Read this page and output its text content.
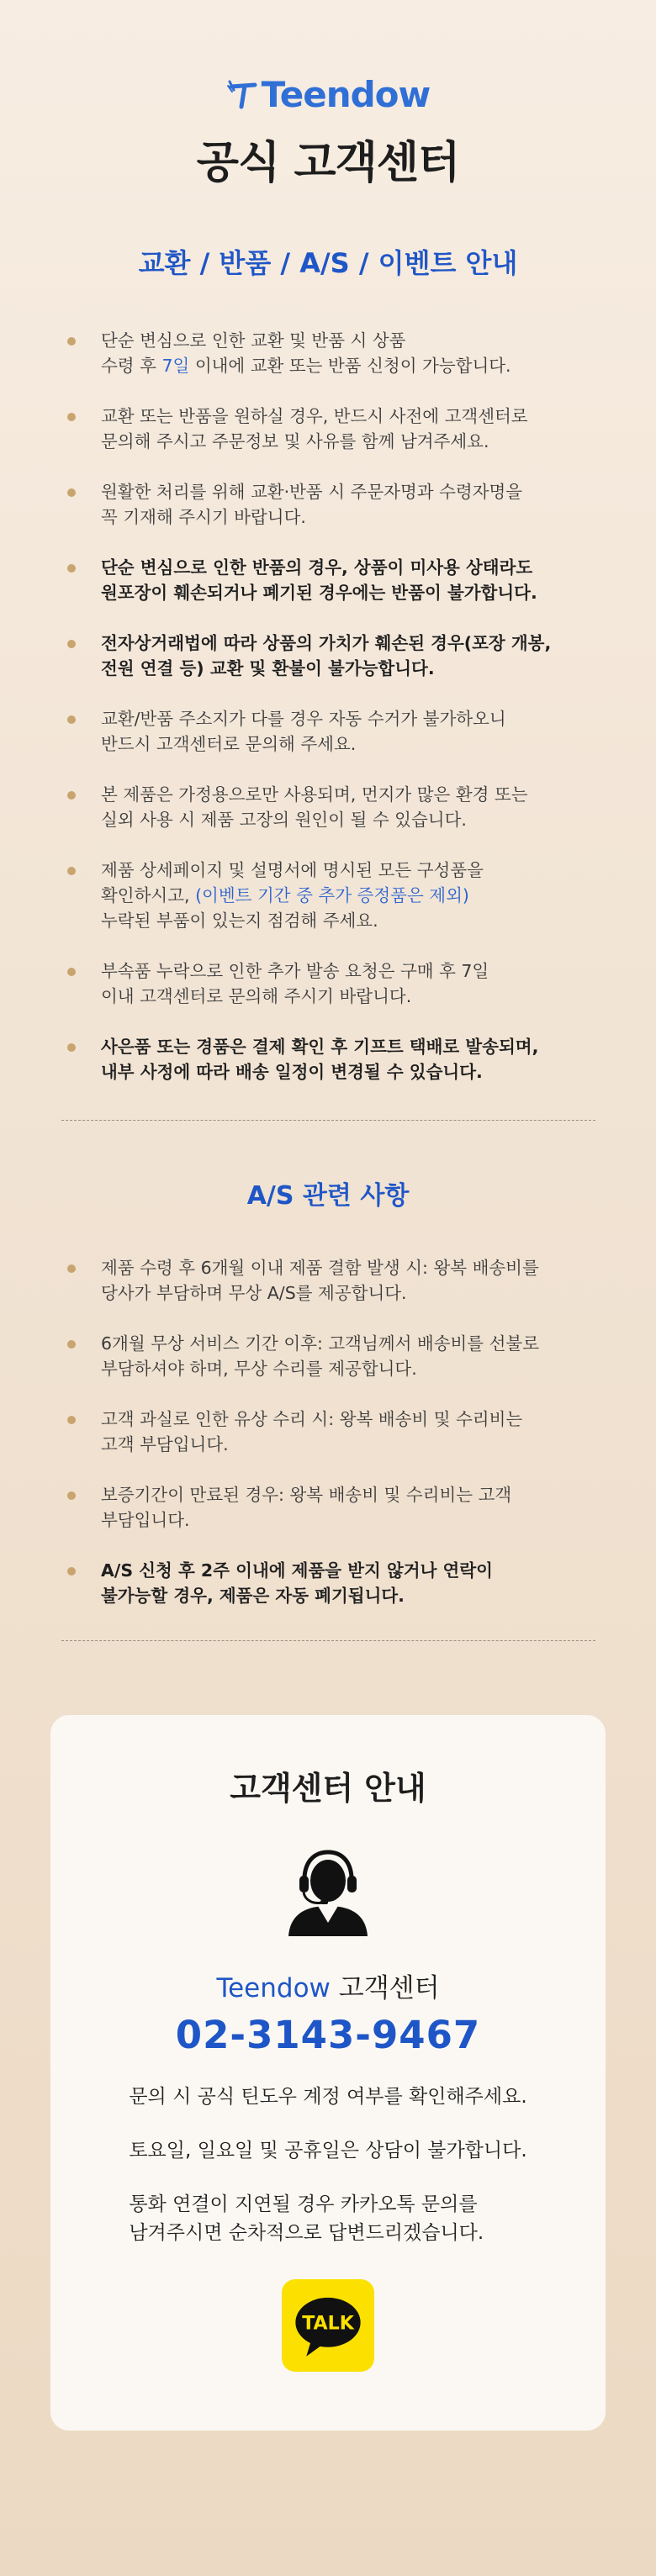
Teendow
공식 고객센터
교환 / 반품 / A/S / 이벤트 안내
단순 변심으로 인한 교환 및 반품 시 상품
수령 후 7일 이내에 교환 또는 반품 신청이 가능합니다.
교환 또는 반품을 원하실 경우, 반드시 사전에 고객센터로
문의해 주시고 주문정보 및 사유를 함께 남겨주세요.
원활한 처리를 위해 교환·반품 시 주문자명과 수령자명을
꼭 기재해 주시기 바랍니다.
단순 변심으로 인한 반품의 경우, 상품이 미사용 상태라도
원포장이 훼손되거나 폐기된 경우에는 반품이 불가합니다.
전자상거래법에 따라 상품의 가치가 훼손된 경우(포장 개봉,
전원 연결 등) 교환 및 환불이 불가능합니다.
교환/반품 주소지가 다를 경우 자동 수거가 불가하오니
반드시 고객센터로 문의해 주세요.
본 제품은 가정용으로만 사용되며, 먼지가 많은 환경 또는
실외 사용 시 제품 고장의 원인이 될 수 있습니다.
제품 상세페이지 및 설명서에 명시된 모든 구성품을
확인하시고, (이벤트 기간 중 추가 증정품은 제외)
누락된 부품이 있는지 점검해 주세요.
부속품 누락으로 인한 추가 발송 요청은 구매 후 7일
이내 고객센터로 문의해 주시기 바랍니다.
사은품 또는 경품은 결제 확인 후 기프트 택배로 발송되며,
내부 사정에 따라 배송 일정이 변경될 수 있습니다.
A/S 관련 사항
제품 수령 후 6개월 이내 제품 결함 발생 시: 왕복 배송비를
당사가 부담하며 무상 A/S를 제공합니다.
6개월 무상 서비스 기간 이후: 고객님께서 배송비를 선불로
부담하셔야 하며, 무상 수리를 제공합니다.
고객 과실로 인한 유상 수리 시: 왕복 배송비 및 수리비는
고객 부담입니다.
보증기간이 만료된 경우: 왕복 배송비 및 수리비는 고객
부담입니다.
A/S 신청 후 2주 이내에 제품을 받지 않거나 연락이
불가능할 경우, 제품은 자동 폐기됩니다.
고객센터 안내
Teendow 고객센터
02-3143-9467

문의 시 공식 틴도우 계정 여부를 확인해주세요.

토요일, 일요일 및 공휴일은 상담이 불가합니다.

통화 연결이 지연될 경우 카카오톡 문의를
남겨주시면 순차적으로 답변드리겠습니다.

TALK
